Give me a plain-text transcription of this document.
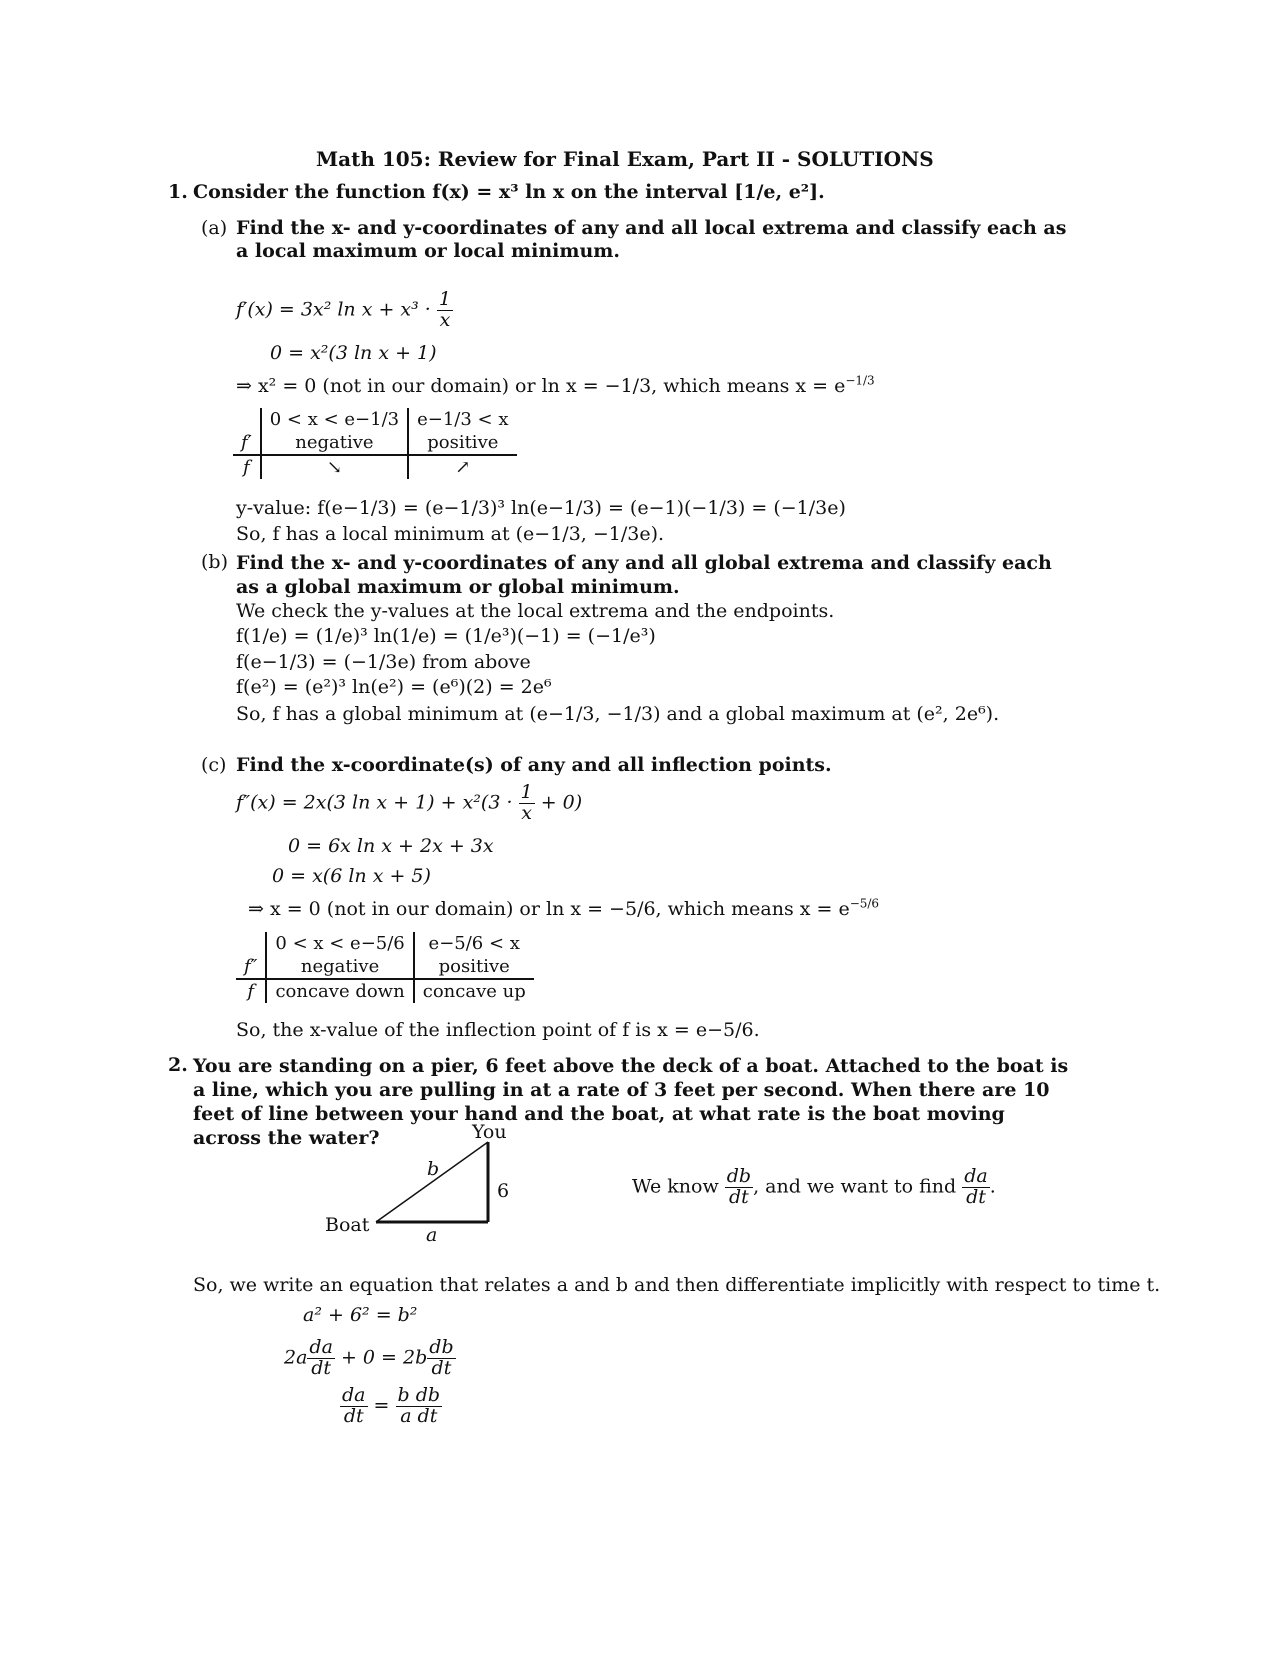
Math 105: Review for Final Exam, Part II - SOLUTIONS
1. Consider the function f(x) = x³ ln x on the interval [1/e, e²].
(a) Find the x- and y-coordinates of any and all local extrema and classify each as a local maximum or local minimum.
f′(x) = 3x² $\ln x + x^3 \cdot \frac{1}{x}$
0 = x²(3 ln x + 1)
⇒ x² = 0 (not in our domain) or ln x = −1/3, which means $x = e^{-1/3}$
	0 < x < e−1/3	e−1/3 < x
f′	negative	positive
f	↘	↗
y-value: f(e−1/3) = (e−1/3)³ ln(e−1/3) = (e−1)(−1/3) = (−1/3e)
So, f has a local minimum at (e−1/3, −1/3e).
(b) Find the x- and y-coordinates of any and all global extrema and classify each as a global maximum or global minimum.
We check the y-values at the local extrema and the endpoints.
f(1/e) = (1/e)³ ln(1/e) = (1/e³)(−1) = (−1/e³)
f(e−1/3) = (−1/3e) from above
f(e²) = (e²)³ ln(e²) = (e⁶)(2) = 2e⁶
So, f has a global minimum at (e−1/3, −1/3) and a global maximum at (e², 2e⁶).
(c) Find the x-coordinate(s) of any and all inflection points.
f″(x) = 2x(3 $\ln x + 1) + x^2(3 \cdot \frac{1}{x} + 0)$
0 = 6x ln x + 2x + 3x
0 = x(6 ln x + 5)
⇒ x = 0 (not in our domain) or ln x = −5/6, which means $x = e^{-5/6}$
	0 < x < e−5/6	e−5/6 < x
f″	negative	positive
f	concave down	concave up
So, the x-value of the inflection point of f is x = e−5/6.
2. You are standing on a pier, 6 feet above the deck of a boat. Attached to the boat is a line, which you are pulling in at a rate of 3 feet per second. When there are 10 feet of line between your hand and the boat, at what rate is the boat moving across the water?	You
b
6
a
Boat
We know $\frac{db}{dt}$ , and we want to find $\frac{da}{dt}$ .
So, we write an equation that relates a and b and then differentiate implicitly with respect to time t.
a² + 6² = b²
$2a \frac{da}{dt} + 0 = 2b \frac{db}{dt}$
$\frac{da}{dt} = \frac{\text{b db}}{\text{a dt}}$
